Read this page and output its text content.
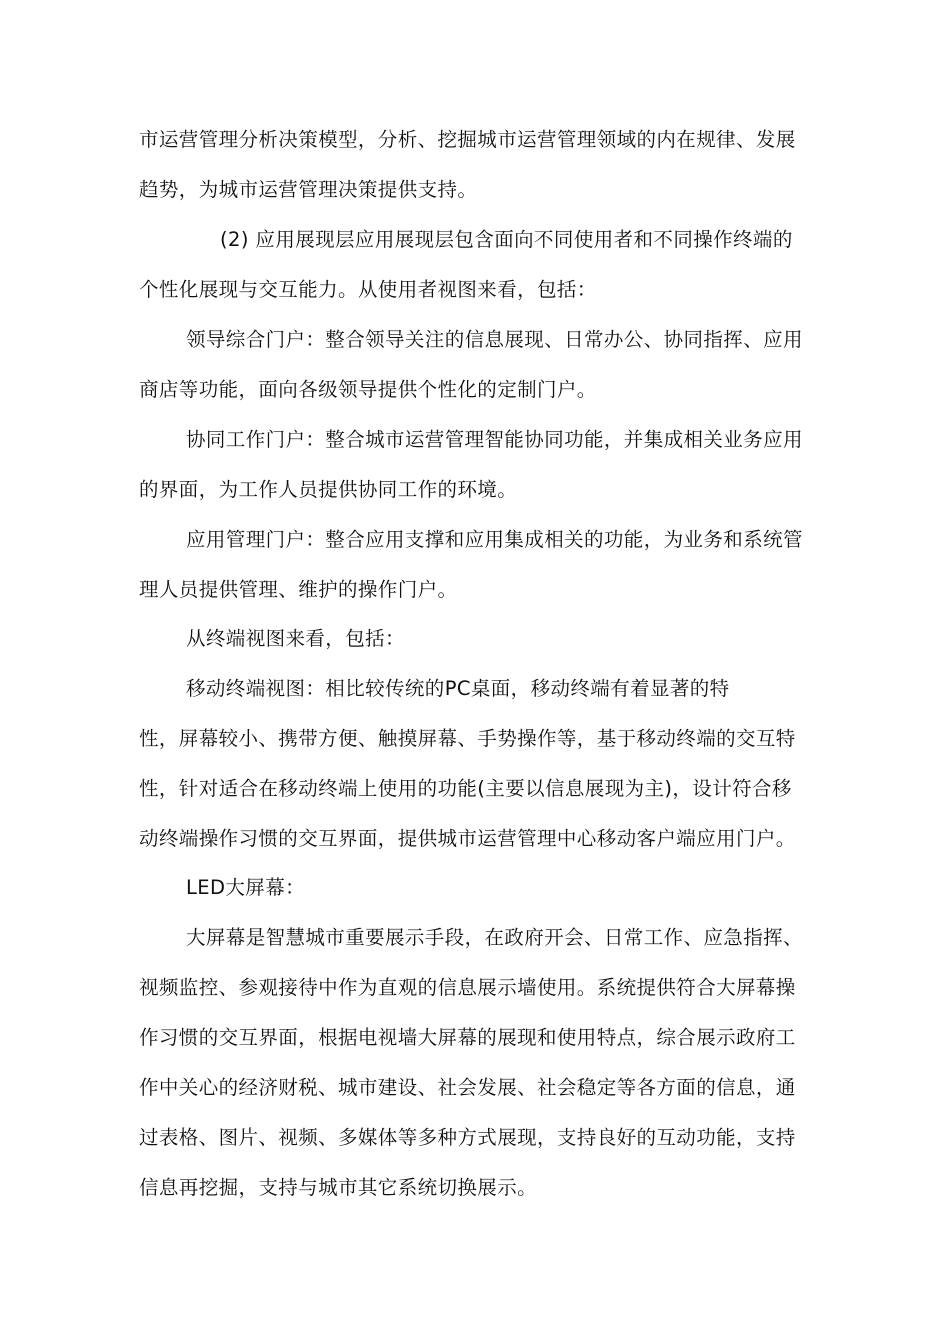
市运营管理分析决策模型，分析、挖掘城市运营管理领域的内在规律、发展
趋势，为城市运营管理决策提供支持。
(2) 应用展现层应用展现层包含面向不同使用者和不同操作终端的
个性化展现与交互能力。从使用者视图来看，包括：
领导综合门户：整合领导关注的信息展现、日常办公、协同指挥、应用
商店等功能，面向各级领导提供个性化的定制门户。
协同工作门户：整合城市运营管理智能协同功能，并集成相关业务应用
的界面，为工作人员提供协同工作的环境。
应用管理门户：整合应用支撑和应用集成相关的功能，为业务和系统管
理人员提供管理、维护的操作门户。
从终端视图来看，包括：
移动终端视图：相比较传统的PC桌面，移动终端有着显著的特
性，屏幕较小、携带方便、触摸屏幕、手势操作等，基于移动终端的交互特
性，针对适合在移动终端上使用的功能(主要以信息展现为主)，设计符合移
动终端操作习惯的交互界面，提供城市运营管理中心移动客户端应用门户。
LED大屏幕：
大屏幕是智慧城市重要展示手段，在政府开会、日常工作、应急指挥、
视频监控、参观接待中作为直观的信息展示墙使用。系统提供符合大屏幕操
作习惯的交互界面，根据电视墙大屏幕的展现和使用特点，综合展示政府工
作中关心的经济财税、城市建设、社会发展、社会稳定等各方面的信息，通
过表格、图片、视频、多媒体等多种方式展现，支持良好的互动功能，支持
信息再挖掘，支持与城市其它系统切换展示。
